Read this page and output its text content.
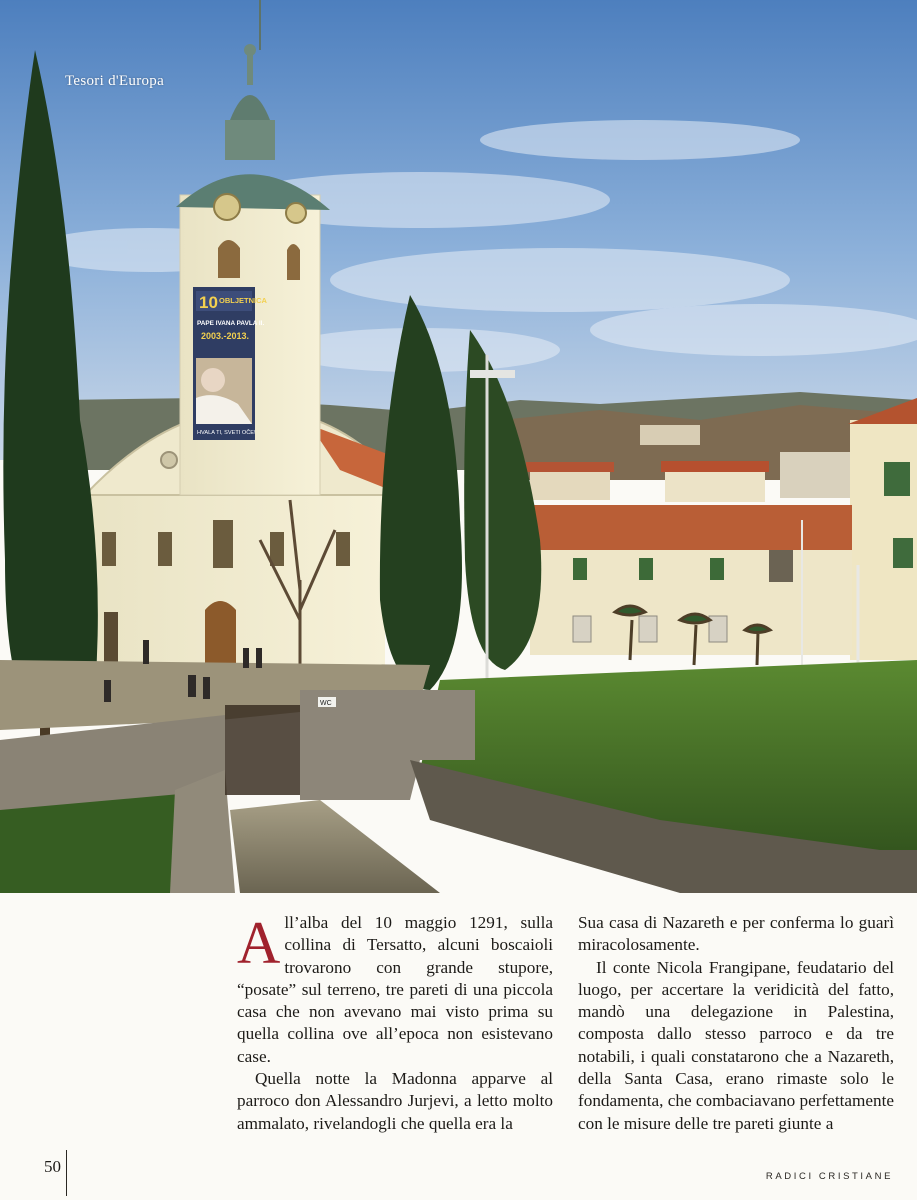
10 OBLJETNICA
PAPE IVANA PAVLA II.
2003.-2013.
HVALA TI, SVETI OČE!
WC
Tesori d'Europa

All’alba del 10 maggio 1291, sulla collina di Tersatto, alcuni boscaioli trovarono con grande stupore, “posate” sul terreno, tre pareti di una piccola casa che non avevano mai visto prima su quella collina ove all’epoca non esistevano case.

Quella notte la Madonna apparve al parroco don Alessandro Jurjevi, a letto molto ammalato, rivelandogli che quella era la

Sua casa di Nazareth e per conferma lo guarì miracolosamente.

Il conte Nicola Frangipane, feudatario del luogo, per accertare la veridicità del fatto, mandò una delegazione in Palestina, composta dallo stesso parroco e da tre notabili, i quali constatarono che a Nazareth, della Santa Casa, erano rimaste solo le fondamenta, che combaciavano perfettamente con le misure delle tre pareti giunte a

50
RADICI CRISTIANE
